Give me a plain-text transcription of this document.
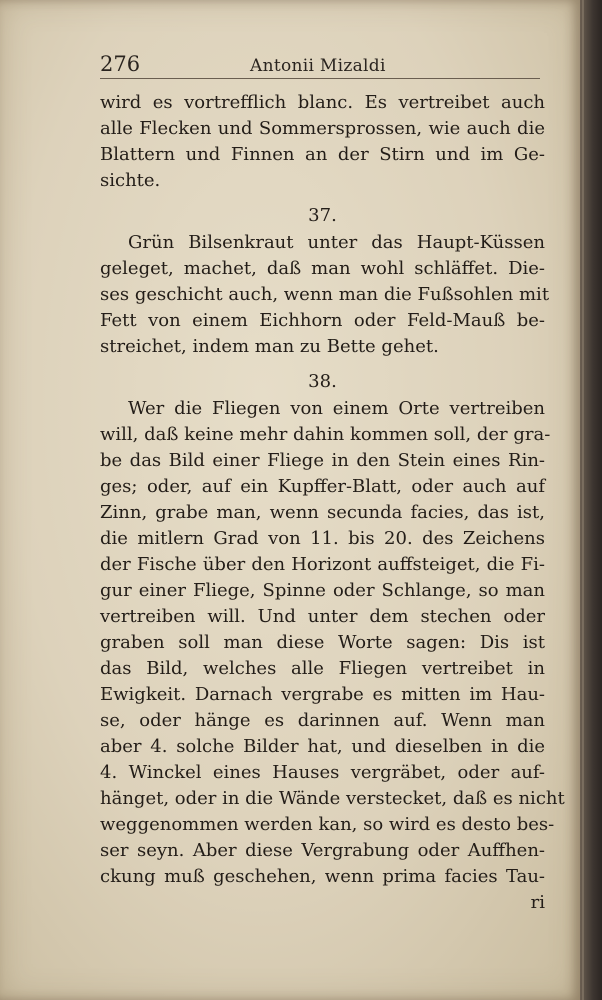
276	Antonii Mizaldi
wird es vortrefflich blanc. Es vertreibet auch
alle Flecken und Sommersprossen, wie auch die
Blattern und Finnen an der Stirn und im Ge-
sichte.
37.
Grün Bilsenkraut unter das Haupt-Küssen
geleget, machet, daß man wohl schläffet. Die-
ses geschicht auch, wenn man die Fußsohlen mit
Fett von einem Eichhorn oder Feld-Mauß be-
streichet, indem man zu Bette gehet.
38.
Wer die Fliegen von einem Orte vertreiben
will, daß keine mehr dahin kommen soll, der gra-
be das Bild einer Fliege in den Stein eines Rin-
ges; oder, auf ein Kupffer-Blatt, oder auch auf
Zinn, grabe man, wenn secunda facies, das ist,
die mitlern Grad von 11. bis 20. des Zeichens
der Fische über den Horizont auffsteiget, die Fi-
gur einer Fliege, Spinne oder Schlange, so man
vertreiben will. Und unter dem stechen oder
graben soll man diese Worte sagen: Dis ist
das Bild, welches alle Fliegen vertreibet in
Ewigkeit. Darnach vergrabe es mitten im Hau-
se, oder hänge es darinnen auf. Wenn man
aber 4. solche Bilder hat, und dieselben in die
4. Winckel eines Hauses vergräbet, oder auf-
hänget, oder in die Wände verstecket, daß es nicht
weggenommen werden kan, so wird es desto bes-
ser seyn. Aber diese Vergrabung oder Auffhen-
ckung muß geschehen, wenn prima facies Tau-
ri
